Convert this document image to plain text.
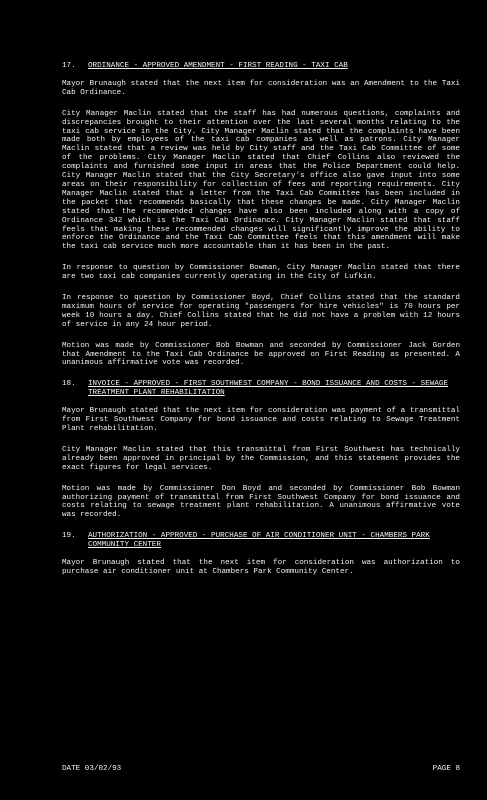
17.	ORDINANCE - APPROVED AMENDMENT - FIRST READING - TAXI CAB

Mayor Brunaugh stated that the next item for consideration was an Amendment to the Taxi Cab Ordinance.

City Manager Maclin stated that the staff has had numerous questions, complaints and discrepancies brought to their attention over the last several months relating to the taxi cab service in the City. City Manager Maclin stated that the complaints have been made both by employees of the taxi cab companies as well as patrons. City Manager Maclin stated that a review was held by City staff and the Taxi Cab Committee of some of the problems. City Manager Maclin stated that Chief Collins also reviewed the complaints and furnished some input in areas that the Police Department could help. City Manager Maclin stated that the City Secretary's office also gave input into some areas on their responsibility for collection of fees and reporting requirements. City Manager Maclin stated that a letter from the Taxi Cab Committee has been included in the packet that recommends basically that these changes be made. City Manager Maclin stated that the recommended changes have also been included along with a copy of Ordinance 342 which is the Taxi Cab Ordinance. City Manager Maclin stated that staff feels that making these recommended changes will significantly improve the ability to enforce the Ordinance and the Taxi Cab Committee feels that this amendment will make the taxi cab service much more accountable than it has been in the past.

In response to question by Commissioner Bowman, City Manager Maclin stated that there are two taxi cab companies currently operating in the City of Lufkin.

In response to question by Commissioner Boyd, Chief Collins stated that the standard maximum hours of service for operating "passengers for hire vehicles" is 70 hours per week 10 hours a day. Chief Collins stated that he did not have a problem with 12 hours of service in any 24 hour period.

Motion was made by Commissioner Bob Bowman and seconded by Commissioner Jack Gorden that Amendment to the Taxi Cab Ordinance be approved on First Reading as presented. A unanimous affirmative vote was recorded.

18.	INVOICE - APPROVED - FIRST SOUTHWEST COMPANY - BOND ISSUANCE AND COSTS - SEWAGE TREATMENT PLANT REHABILITATION

Mayor Brunaugh stated that the next item for consideration was payment of a transmittal from First Southwest Company for bond issuance and costs relating to Sewage Treatment Plant rehabilitation.

City Manager Maclin stated that this transmittal from First Southwest has technically already been approved in principal by the Commission, and this statement provides the exact figures for legal services.

Motion was made by Commissioner Don Boyd and seconded by Commissioner Bob Bowman authorizing payment of transmittal from First Southwest Company for bond issuance and costs relating to sewage treatment plant rehabilitation. A unanimous affirmative vote was recorded.

19.	AUTHORIZATION - APPROVED - PURCHASE OF AIR CONDITIONER UNIT - CHAMBERS PARK COMMUNITY CENTER

Mayor Brunaugh stated that the next item for consideration was authorization to purchase air conditioner unit at Chambers Park Community Center.

DATE 03/02/93	PAGE 8
